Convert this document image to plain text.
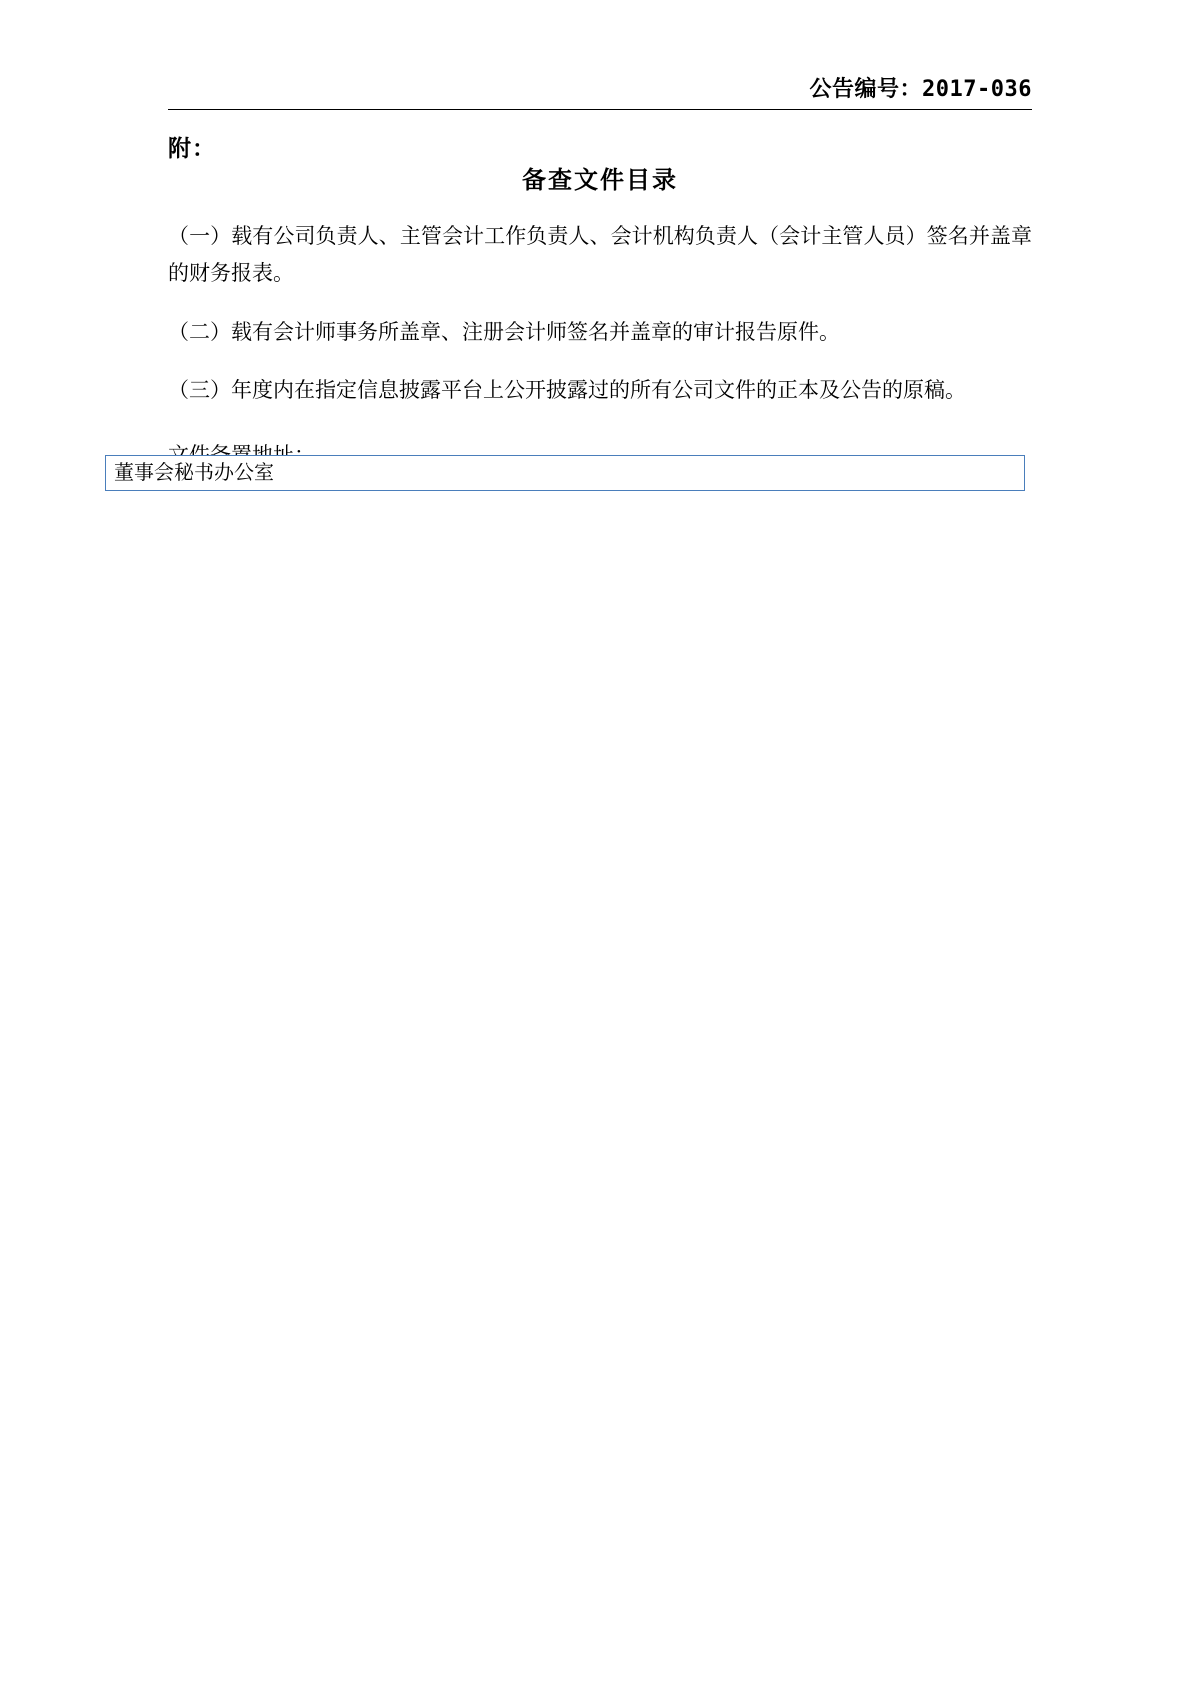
公告编号：2017-036
附：
备查文件目录

（一）载有公司负责人、主管会计工作负责人、会计机构负责人（会计主管人员）签名并盖章的财务报表。

（二）载有会计师事务所盖章、注册会计师签名并盖章的审计报告原件。

（三）年度内在指定信息披露平台上公开披露过的所有公司文件的正本及公告的原稿。

董事会秘书办公室
